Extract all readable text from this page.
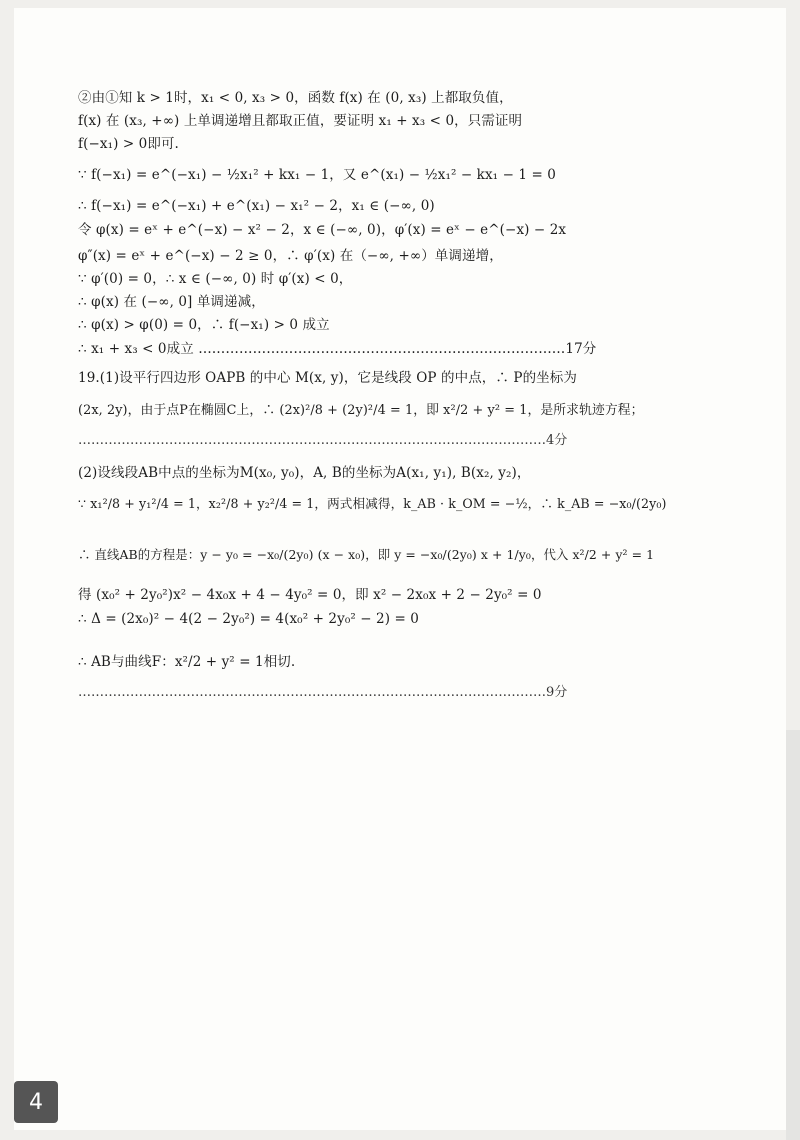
②由①知 k > 1时，x₁ < 0, x₃ > 0，函数 f(x) 在 (0, x₃) 上都取负值，
f(x) 在 (x₃, +∞) 上单调递增且都取正值，要证明 x₁ + x₃ < 0，只需证明
f(−x₁) > 0即可.
∵ f(−x₁) = e^(−x₁) − ½x₁² + kx₁ − 1，又 e^(x₁) − ½x₁² − kx₁ − 1 = 0
∴ f(−x₁) = e^(−x₁) + e^(x₁) − x₁² − 2，x₁ ∈ (−∞, 0)
令 φ(x) = eˣ + e^(−x) − x² − 2，x ∈ (−∞, 0)，φ′(x) = eˣ − e^(−x) − 2x
φ″(x) = eˣ + e^(−x) − 2 ≥ 0，∴ φ′(x) 在（−∞, +∞）单调递增，
∵ φ′(0) = 0，∴ x ∈ (−∞, 0) 时 φ′(x) < 0，
∴ φ(x) 在 (−∞, 0] 单调递减，
∴ φ(x) > φ(0) = 0，∴ f(−x₁) > 0 成立
∴ x₁ + x₃ < 0成立 ………………………………………………………………………17分
19.(1)设平行四边形 OAPB 的中心 M(x, y)，它是线段 OP 的中点，∴ P的坐标为
(2x, 2y)，由于点P在椭圆C上，∴ (2x)²/8 + (2y)²/4 = 1，即 x²/2 + y² = 1，是所求轨迹方程；
………………………………………………………………………………………………4分
(2)设线段AB中点的坐标为M(x₀, y₀)，A, B的坐标为A(x₁, y₁), B(x₂, y₂)，
∵ x₁²/8 + y₁²/4 = 1，x₂²/8 + y₂²/4 = 1，两式相减得，k_AB · k_OM = −½，∴ k_AB = −x₀/(2y₀)
∴ 直线AB的方程是：y − y₀ = −x₀/(2y₀) (x − x₀)，即 y = −x₀/(2y₀) x + 1/y₀，代入 x²/2 + y² = 1
得 (x₀² + 2y₀²)x² − 4x₀x + 4 − 4y₀² = 0，即 x² − 2x₀x + 2 − 2y₀² = 0
∴ Δ = (2x₀)² − 4(2 − 2y₀²) = 4(x₀² + 2y₀² − 2) = 0
∴ AB与曲线F：x²/2 + y² = 1相切.
………………………………………………………………………………………………9分
4
